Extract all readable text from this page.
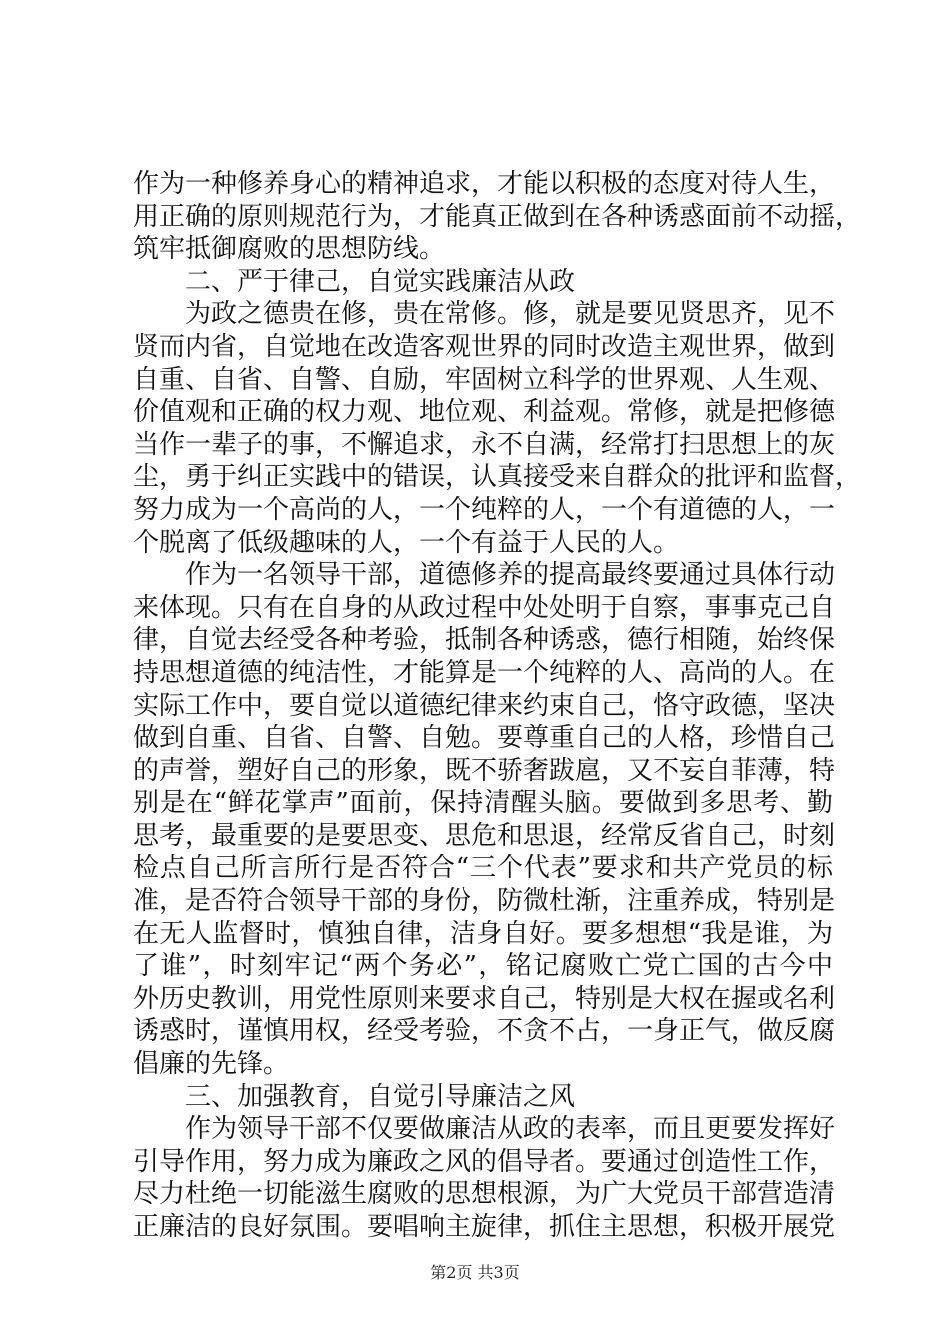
作为一种修养身心的精神追求，才能以积极的态度对待人生，
用正确的原则规范行为，才能真正做到在各种诱惑面前不动摇，
筑牢抵御腐败的思想防线。
二、严于律己，自觉实践廉洁从政
为政之德贵在修，贵在常修。修，就是要见贤思齐，见不
贤而内省，自觉地在改造客观世界的同时改造主观世界，做到
自重、自省、自警、自励，牢固树立科学的世界观、人生观、
价值观和正确的权力观、地位观、利益观。常修，就是把修德
当作一辈子的事，不懈追求，永不自满，经常打扫思想上的灰
尘，勇于纠正实践中的错误，认真接受来自群众的批评和监督，
努力成为一个高尚的人，一个纯粹的人，一个有道德的人，一
个脱离了低级趣味的人，一个有益于人民的人。
作为一名领导干部，道德修养的提高最终要通过具体行动
来体现。只有在自身的从政过程中处处明于自察，事事克己自
律，自觉去经受各种考验，抵制各种诱惑，德行相随，始终保
持思想道德的纯洁性，才能算是一个纯粹的人、高尚的人。在
实际工作中，要自觉以道德纪律来约束自己，恪守政德，坚决
做到自重、自省、自警、自勉。要尊重自己的人格，珍惜自己
的声誉，塑好自己的形象，既不骄奢跋扈，又不妄自菲薄，特
别是在“鲜花掌声”面前，保持清醒头脑。要做到多思考、勤
思考，最重要的是要思变、思危和思退，经常反省自己，时刻
检点自己所言所行是否符合“三个代表”要求和共产党员的标
准，是否符合领导干部的身份，防微杜渐，注重养成，特别是
在无人监督时，慎独自律，洁身自好。要多想想“我是谁，为
了谁”，时刻牢记“两个务必”，铭记腐败亡党亡国的古今中
外历史教训，用党性原则来要求自己，特别是大权在握或名利
诱惑时，谨慎用权，经受考验，不贪不占，一身正气，做反腐
倡廉的先锋。
三、加强教育，自觉引导廉洁之风
作为领导干部不仅要做廉洁从政的表率，而且更要发挥好
引导作用，努力成为廉政之风的倡导者。要通过创造性工作，
尽力杜绝一切能滋生腐败的思想根源，为广大党员干部营造清
正廉洁的良好氛围。要唱响主旋律，抓住主思想，积极开展党
第2页 共3页
